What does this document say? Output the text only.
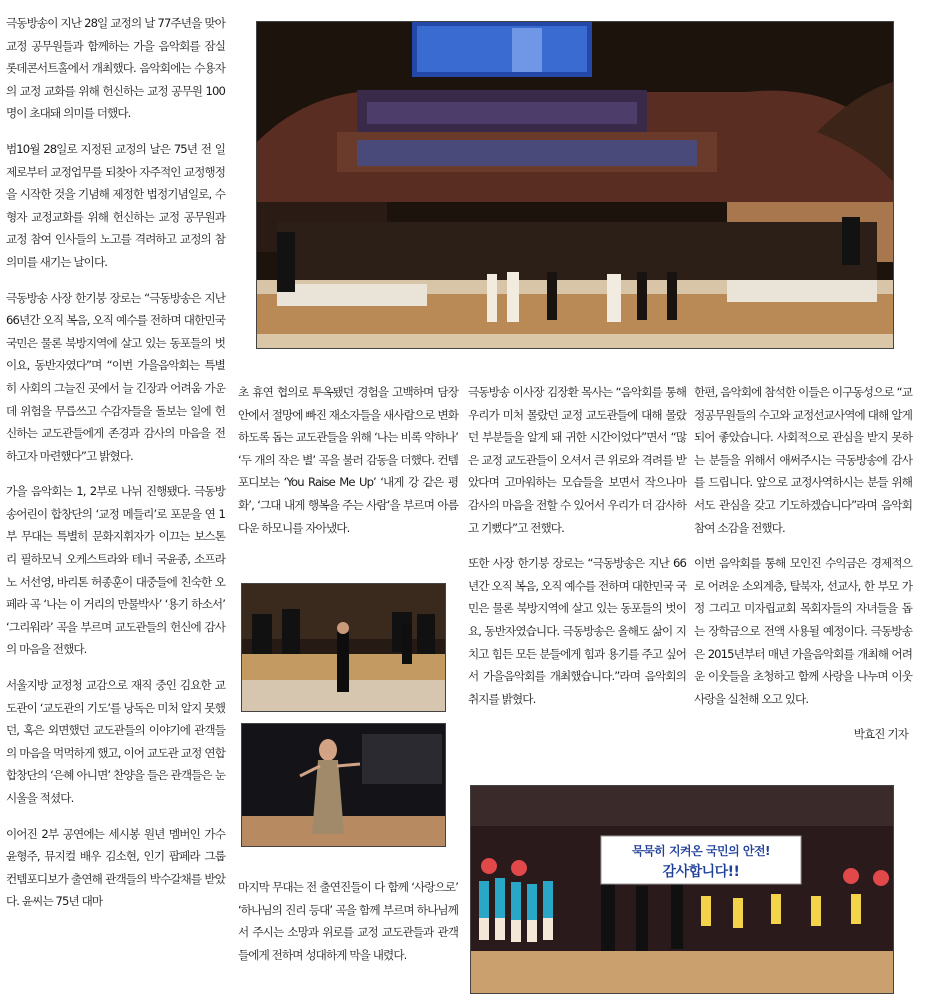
극동방송이 지난 28일 교정의 날 77주년을 맞아 교정 공무원들과 함께하는 가을 음악회를 잠실 롯데콘서트홀에서 개최했다. 음악회에는 수용자의 교정 교화를 위해 헌신하는 교정 공무원 100명이 초대돼 의미를 더했다.

범10월 28일로 지정된 교정의 날은 75년 전 일제로부터 교정업무를 되찾아 자주적인 교정행정을 시작한 것을 기념해 제정한 법정기념일로, 수형자 교정교화를 위해 헌신하는 교정 공무원과 교정 참여 인사들의 노고를 격려하고 교정의 참 의미를 새기는 날이다.

극동방송 사장 한기붕 장로는 “극동방송은 지난 66년간 오직 복음, 오직 예수를 전하며 대한민국 국민은 물론 북방지역에 살고 있는 동포들의 벗이요, 동반자였다”며 “이번 가을음악회는 특별히 사회의 그늘진 곳에서 늘 긴장과 어려움 가운데 위험을 무릅쓰고 수감자들을 돌보는 일에 헌신하는 교도관들에게 존경과 감사의 마음을 전하고자 마련했다”고 밝혔다.

가을 음악회는 1, 2부로 나뉘 진행됐다. 극동방송어린이 합창단의 ‘교정 메들리’로 포문을 연 1부 무대는 특별히 문화지휘자가 이끄는 보스톤리 필하모닉 오케스트라와 테너 국윤종, 소프라노 서선영, 바리톤 허종훈이 대중들에 친숙한 오페라 곡 ‘나는 이 거리의 만물박사’ ‘용기 하소서’ ‘그리워라’ 곡을 부르며 교도관들의 헌신에 감사의 마음을 전했다.

서울지방 교정청 교감으로 재직 중인 김요한 교도관이 ‘교도관의 기도’를 낭독은 미처 알지 못했던, 혹은 외면했던 교도관들의 이야기에 관객들의 마음을 먹먹하게 했고, 이어 교도관 교정 연합합창단의 ‘은혜 아니면’ 찬양을 들은 관객들은 눈시울을 적셨다.

이어진 2부 공연에는 세시봉 원년 멤버인 가수 윤형주, 뮤지컬 배우 김소현, 인기 팝페라 그룹 컨템포디보가 출연해 관객들의 박수갈채를 받았다. 윤씨는 75년 대마

초 휴연 협의로 투옥됐던 경험을 고백하며 담장 안에서 절망에 빠진 재소자들을 새사람으로 변화하도록 돕는 교도관들을 위해 ‘나는 비록 약하나’ ‘두 개의 작은 별’ 곡을 불러 감동을 더했다. 컨템포디보는 ‘You Raise Me Up’ ‘내게 강 같은 평화’, ‘그대 내게 행복을 주는 사람’을 부르며 아름다운 하모니를 자아냈다.

마지막 무대는 전 출연진들이 다 함께 ‘사랑으로’ ‘하나님의 진리 등대’ 곡을 함께 부르며 하나님께서 주시는 소망과 위로를 교정 교도관들과 관객들에게 전하며 성대하게 막을 내렸다.

극동방송 이사장 김장환 목사는 “음악회를 통해 우리가 미처 몰랐던 교정 교도관들에 대해 몰랐던 부분들을 알게 돼 귀한 시간이었다”면서 “많은 교정 교도관들이 오셔서 큰 위로와 격려를 받았다며 고마워하는 모습들을 보면서 작으나마 감사의 마음을 전할 수 있어서 우리가 더 감사하고 기뻤다”고 전했다.

또한 사장 한기붕 장로는 “극동방송은 지난 66년간 오직 복음, 오직 예수를 전하며 대한민국 국민은 물론 북방지역에 살고 있는 동포들의 벗이요, 동반자였습니다. 극동방송은 올해도 삶이 지치고 힘든 모든 분들에게 힘과 용기를 주고 싶어서 가을음악회를 개최했습니다.”라며 음악회의 취지를 밝혔다.

한편, 음악회에 참석한 이들은 이구동성으로 “교정공무원들의 수고와 교정선교사역에 대해 알게 되어 좋았습니다. 사회적으로 관심을 받지 못하는 분들을 위해서 애써주시는 극동방송에 감사를 드립니다. 앞으로 교정사역하시는 분들 위해서도 관심을 갖고 기도하겠습니다”라며 음악회 참여 소감을 전했다.

이번 음악회를 통해 모인진 수익금은 경제적으로 어려운 소외계층, 탈북자, 선교사, 한 부모 가정 그리고 미자립교회 목회자들의 자녀들을 돕는 장학금으로 전액 사용될 예정이다. 극동방송은 2015년부터 매년 가을음악회를 개최해 어려운 이웃들을 초청하고 함께 사랑을 나누며 이웃사랑을 실천해 오고 있다.

박효진 기자

묵묵히 지켜온 국민의 안전!
감사합니다!!
